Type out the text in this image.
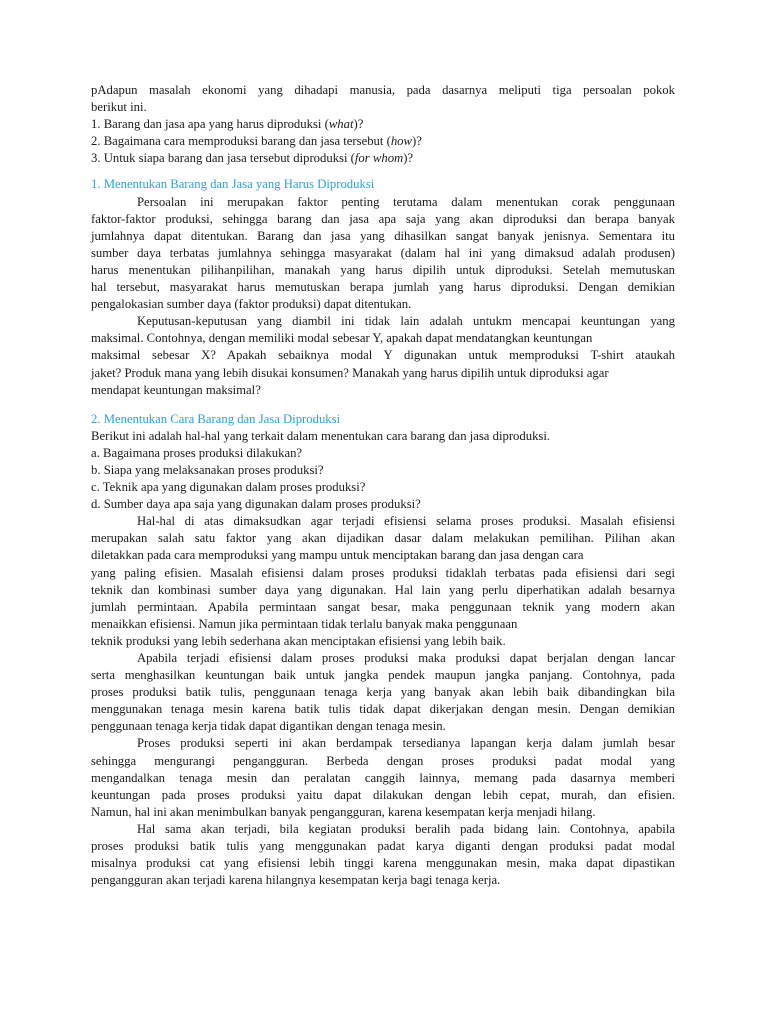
pAdapun masalah ekonomi yang dihadapi manusia, pada dasarnya meliputi tiga persoalan pokok
berikut ini.
1. Barang dan jasa apa yang harus diproduksi (what)?
2. Bagaimana cara memproduksi barang dan jasa tersebut (how)?
3. Untuk siapa barang dan jasa tersebut diproduksi (for whom)?
1. Menentukan Barang dan Jasa yang Harus Diproduksi
Persoalan ini merupakan faktor penting terutama dalam menentukan corak penggunaan
faktor-faktor produksi, sehingga barang dan jasa apa saja yang akan diproduksi dan berapa banyak
jumlahnya dapat ditentukan. Barang dan jasa yang dihasilkan sangat banyak jenisnya. Sementara itu
sumber daya terbatas jumlahnya sehingga masyarakat (dalam hal ini yang dimaksud adalah produsen)
harus menentukan pilihanpilihan, manakah yang harus dipilih untuk diproduksi. Setelah memutuskan
hal tersebut, masyarakat harus memutuskan berapa jumlah yang harus diproduksi. Dengan demikian
pengalokasian sumber daya (faktor produksi) dapat ditentukan.
Keputusan-keputusan yang diambil ini tidak lain adalah untukm mencapai keuntungan yang
maksimal. Contohnya, dengan memiliki modal sebesar Y, apakah dapat mendatangkan keuntungan
maksimal sebesar X? Apakah sebaiknya modal Y digunakan untuk memproduksi T-shirt ataukah
jaket? Produk mana yang lebih disukai konsumen? Manakah yang harus dipilih untuk diproduksi agar
mendapat keuntungan maksimal?
2. Menentukan Cara Barang dan Jasa Diproduksi
Berikut ini adalah hal-hal yang terkait dalam menentukan cara barang dan jasa diproduksi.
a. Bagaimana proses produksi dilakukan?
b. Siapa yang melaksanakan proses produksi?
c. Teknik apa yang digunakan dalam proses produksi?
d. Sumber daya apa saja yang digunakan dalam proses produksi?
Hal-hal di atas dimaksudkan agar terjadi efisiensi selama proses produksi. Masalah efisiensi
merupakan salah satu faktor yang akan dijadikan dasar dalam melakukan pemilihan. Pilihan akan
diletakkan pada cara memproduksi yang mampu untuk menciptakan barang dan jasa dengan cara
yang paling efisien. Masalah efisiensi dalam proses produksi tidaklah terbatas pada efisiensi dari segi
teknik dan kombinasi sumber daya yang digunakan. Hal lain yang perlu diperhatikan adalah besarnya
jumlah permintaan. Apabila permintaan sangat besar, maka penggunaan teknik yang modern akan
menaikkan efisiensi. Namun jika permintaan tidak terlalu banyak maka penggunaan
teknik produksi yang lebih sederhana akan menciptakan efisiensi yang lebih baik.
Apabila terjadi efisiensi dalam proses produksi maka produksi dapat berjalan dengan lancar
serta menghasilkan keuntungan baik untuk jangka pendek maupun jangka panjang. Contohnya, pada
proses produksi batik tulis, penggunaan tenaga kerja yang banyak akan lebih baik dibandingkan bila
menggunakan tenaga mesin karena batik tulis tidak dapat dikerjakan dengan mesin. Dengan demikian
penggunaan tenaga kerja tidak dapat digantikan dengan tenaga mesin.
Proses produksi seperti ini akan berdampak tersedianya lapangan kerja dalam jumlah besar
sehingga mengurangi pengangguran. Berbeda dengan proses produksi padat modal yang
mengandalkan tenaga mesin dan peralatan canggih lainnya, memang pada dasarnya memberi
keuntungan pada proses produksi yaitu dapat dilakukan dengan lebih cepat, murah, dan efisien.
Namun, hal ini akan menimbulkan banyak pengangguran, karena kesempatan kerja menjadi hilang.
Hal sama akan terjadi, bila kegiatan produksi beralih pada bidang lain. Contohnya, apabila
proses produksi batik tulis yang menggunakan padat karya diganti dengan produksi padat modal
misalnya produksi cat yang efisiensi lebih tinggi karena menggunakan mesin, maka dapat dipastikan
pengangguran akan terjadi karena hilangnya kesempatan kerja bagi tenaga kerja.
